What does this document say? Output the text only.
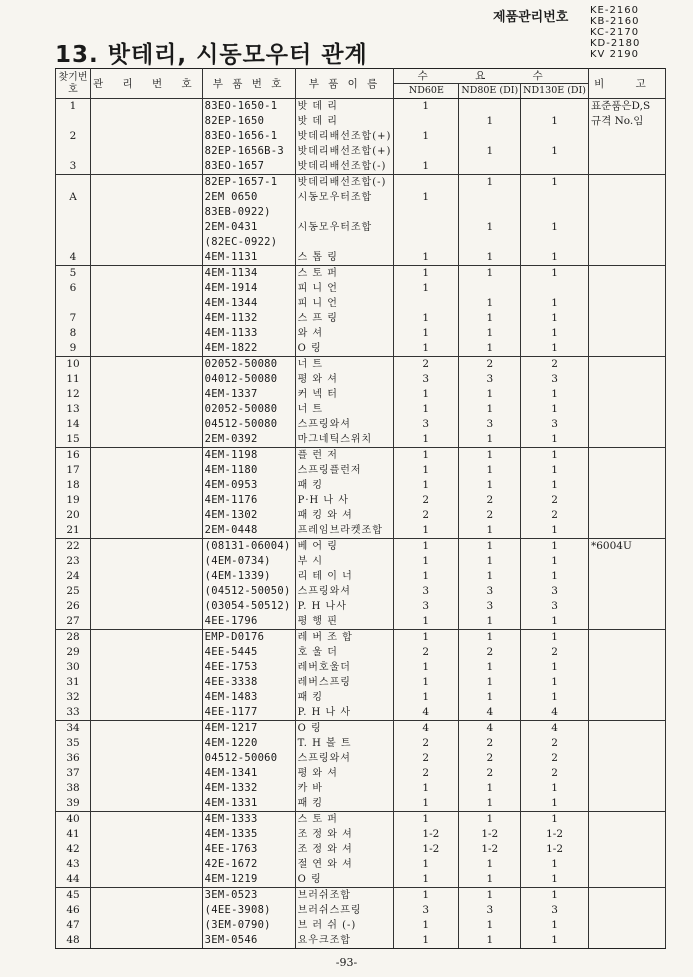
제품관리번호 KE-2160
KB-2160
KC-2170
KD-2180
KV 2190
13. 밧테리, 시동모우터 관계
찾기번호	관 리 번 호	부 품 번 호	부 품 이 름	수 요 수			비 고
				ND60E	ND80E (DI)	ND130E (DI)	
1		83EO-1650-1	밧 데 리	1			표준품은D,S
		82EP-1650	밧 데 리		1	1	규격 No.임
2		83EO-1656-1	밧데리배선조합(+)	1			
		82EP-1656B-3	밧데리배선조합(+)		1	1	
3		83EO-1657	밧데리배선조합(-)	1			
		82EP-1657-1	밧데리배선조합(-)		1	1	
A		2EM 0650	시동모우터조합	1			
		83EB-0922)					
		2EM-0431	시동모우터조합		1	1	
		(82EC-0922)					
4		4EM-1131	스 톱 링	1	1	1	
5		4EM-1134	스 토 퍼	1	1	1	
6		4EM-1914	피 니 언	1			
		4EM-1344	피 니 언		1	1	
7		4EM-1132	스 프 링	1	1	1	
8		4EM-1133	와 셔	1	1	1	
9		4EM-1822	O 링	1	1	1	
10		02052-50080	너 트	2	2	2	
11		04012-50080	평 와 셔	3	3	3	
12		4EM-1337	커 넥 터	1	1	1	
13		02052-50080	너 트	1	1	1	
14		04512-50080	스프링와셔	3	3	3	
15		2EM-0392	마그네틱스위치	1	1	1	
16		4EM-1198	플 런 저	1	1	1	
17		4EM-1180	스프링플런저	1	1	1	
18		4EM-0953	패 킹	1	1	1	
19		4EM-1176	P·H 나 사	2	2	2	
20		4EM-1302	패 킹 와 셔	2	2	2	
21		2EM-0448	프레임브라켓조합	1	1	1	
22		(08131-06004)	베 어 링	1	1	1	*6004U
23		(4EM-0734)	부 시	1	1	1	
24		(4EM-1339)	리 테 이 너	1	1	1	
25		(04512-50050)	스프링와셔	3	3	3	
26		(03054-50512)	P. H 나사	3	3	3	
27		4EE-1796	평 행 핀	1	1	1	
28		EMP-D0176	레 버 조 합	1	1	1	
29		4EE-5445	호 울 더	2	2	2	
30		4EE-1753	레버호울더	1	1	1	
31		4EE-3338	레버스프링	1	1	1	
32		4EM-1483	패 킹	1	1	1	
33		4EE-1177	P. H 나 사	4	4	4	
34		4EM-1217	O 링	4	4	4	
35		4EM-1220	T. H 볼 트	2	2	2	
36		04512-50060	스프링와셔	2	2	2	
37		4EM-1341	평 와 셔	2	2	2	
38		4EM-1332	카 바	1	1	1	
39		4EM-1331	패 킹	1	1	1	
40		4EM-1333	스 토 퍼	1	1	1	
41		4EM-1335	조 정 와 셔	1-2	1-2	1-2	
42		4EE-1763	조 정 와 셔	1-2	1-2	1-2	
43		42E-1672	절 연 와 셔	1	1	1	
44		4EM-1219	O 링	1	1	1	
45		3EM-0523	브러쉬조합	1	1	1	
46		(4EE-3908)	브러쉬스프링	3	3	3	
47		(3EM-0790)	브 러 쉬 (-)	1	1	1	
48		3EM-0546	요우크조합	1	1	1	
-93-
